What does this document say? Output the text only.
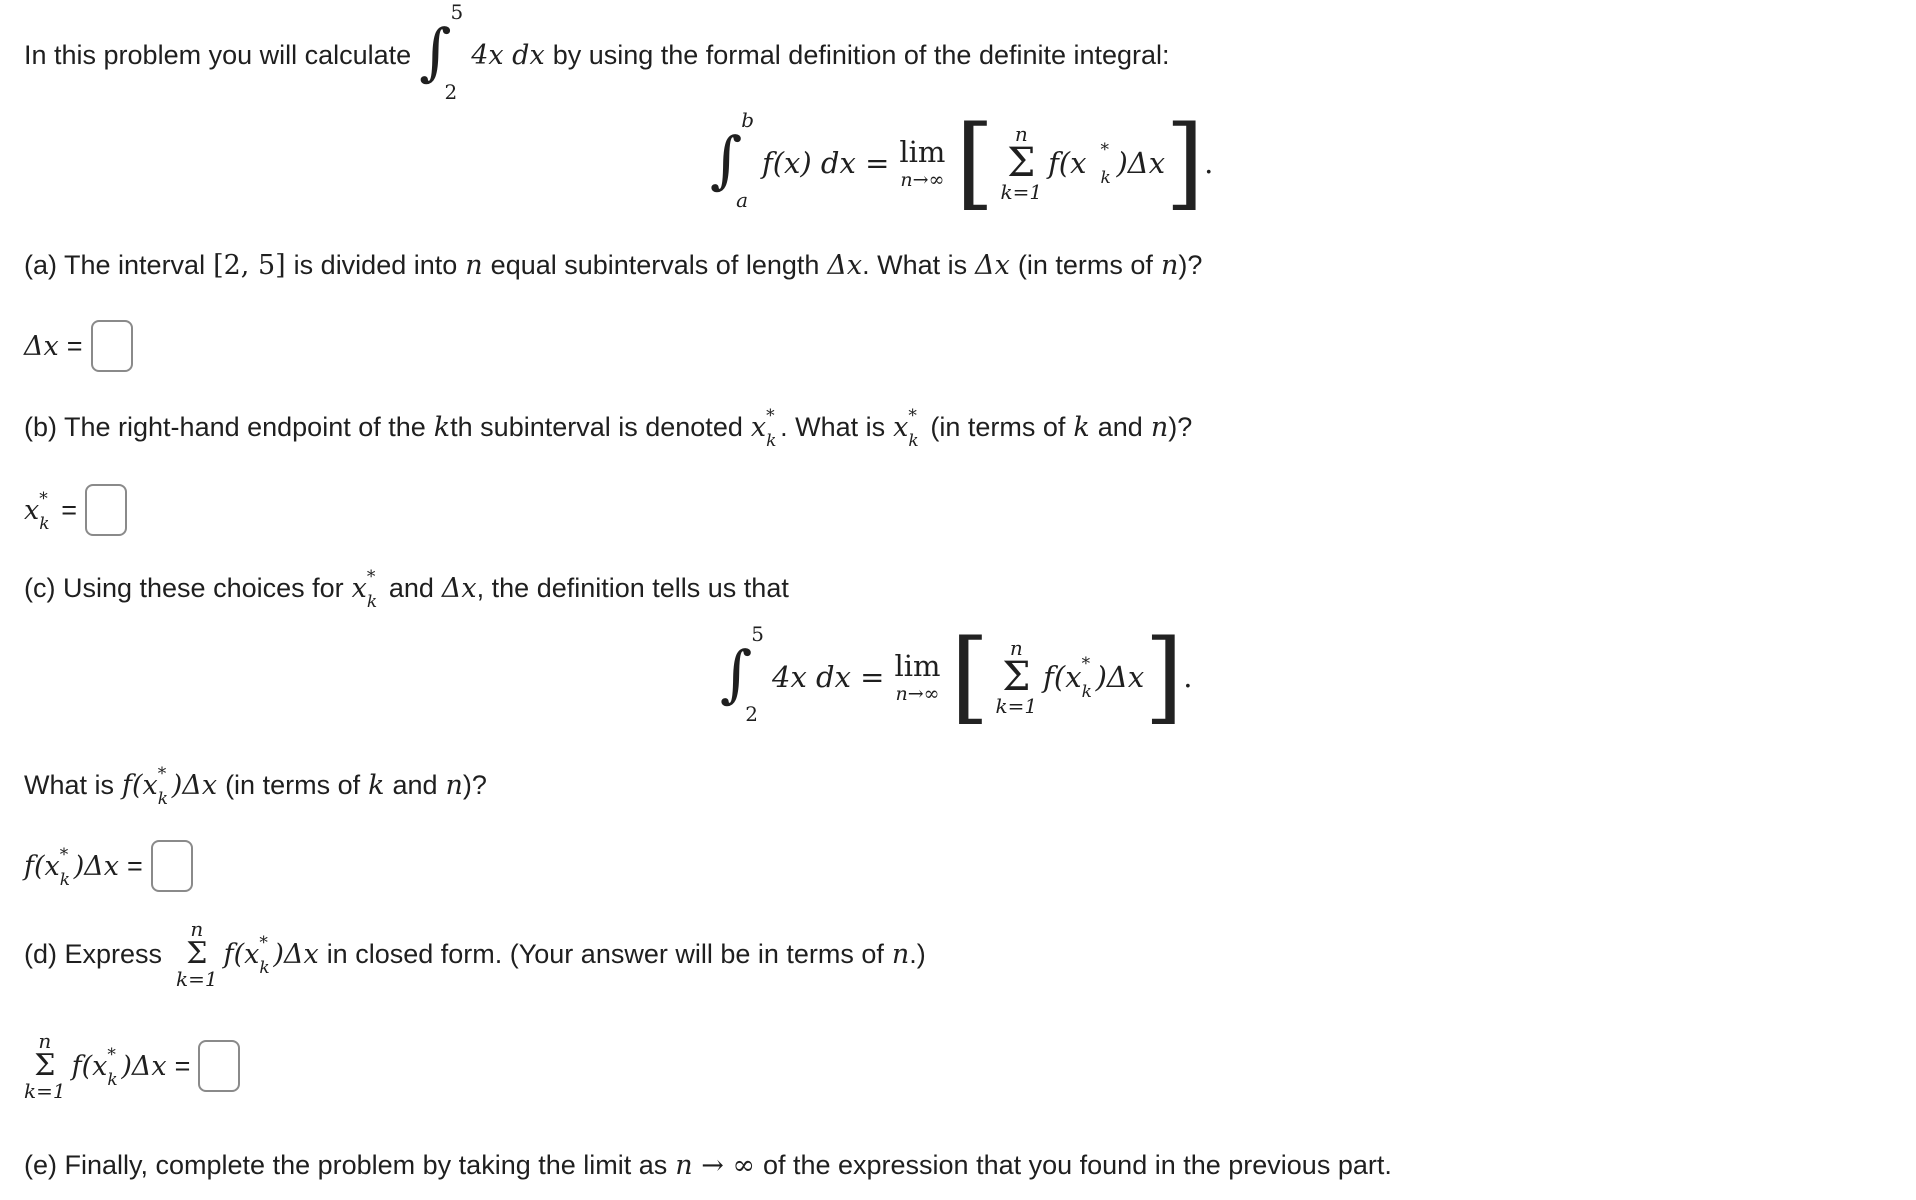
In this problem you will calculate ∫
5
2
4x dx by using the formal definition of the definite integral:
∫
b
a
f(x) dx = lim
n→∞ [ n
Σ
k=1
f(x *
k )Δx ] .
(a) The interval [2, 5] is divided into n equal subintervals of length Δx . What is Δx (in terms of n )?
Δx =
(b) The right-hand endpoint of the k th subinterval is denoted x *
k . What is x *
k (in terms of k and n )?
x *
k =
(c) Using these choices for x *
k and Δx , the definition tells us that
∫
5
2
4x dx = lim
n→∞ [ n
Σ
k=1
f(x *
k )Δx ] .
What is f(x *
k )Δx (in terms of k and n )?
f(x *
k )Δx =
(d) Express
n
Σ
k=1
f(x *
k )Δx in closed form. (Your answer will be in terms of n .)
n
Σ
k=1
f(x *
k )Δx =
(e) Finally, complete the problem by taking the limit as n → ∞ of the expression that you found in the previous part.
